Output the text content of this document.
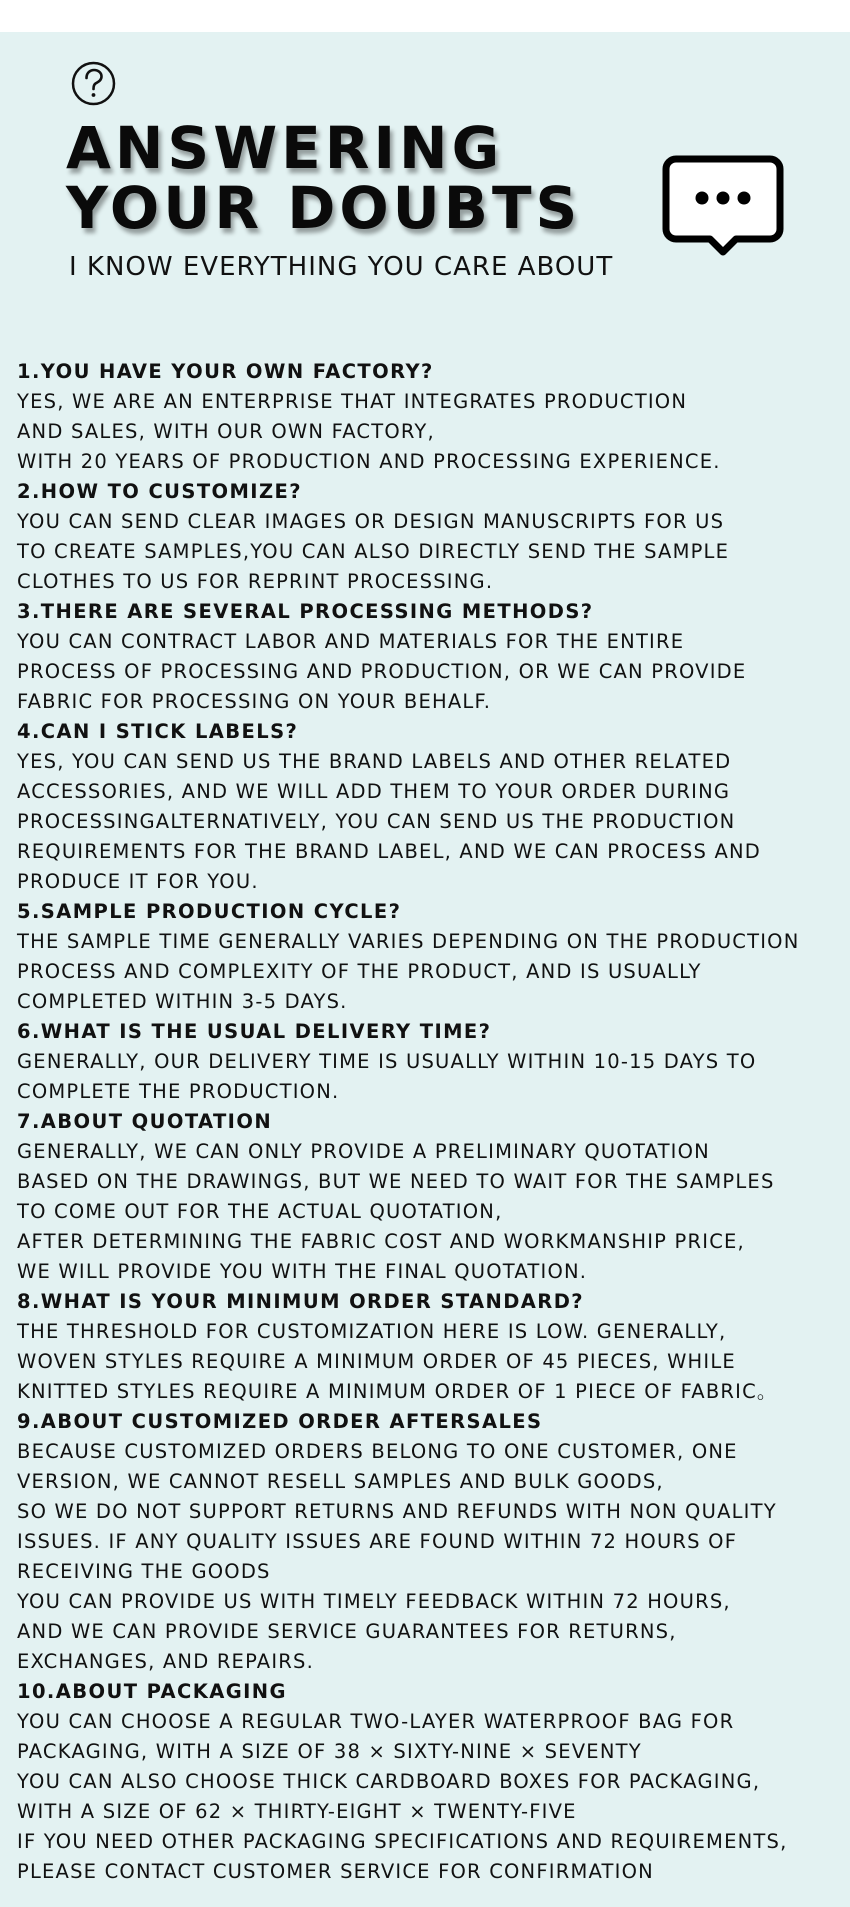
ANSWERING
YOUR DOUBTS
I KNOW EVERYTHING YOU CARE ABOUT
1.YOU HAVE YOUR OWN FACTORY?
YES, WE ARE AN ENTERPRISE THAT INTEGRATES PRODUCTION
AND SALES, WITH OUR OWN FACTORY,
WITH 20 YEARS OF PRODUCTION AND PROCESSING EXPERIENCE.
2.HOW TO CUSTOMIZE?
YOU CAN SEND CLEAR IMAGES OR DESIGN MANUSCRIPTS FOR US
TO CREATE SAMPLES,YOU CAN ALSO DIRECTLY SEND THE SAMPLE
CLOTHES TO US FOR REPRINT PROCESSING.
3.THERE ARE SEVERAL PROCESSING METHODS?
YOU CAN CONTRACT LABOR AND MATERIALS FOR THE ENTIRE
PROCESS OF PROCESSING AND PRODUCTION, OR WE CAN PROVIDE
FABRIC FOR PROCESSING ON YOUR BEHALF.
4.CAN I STICK LABELS?
YES, YOU CAN SEND US THE BRAND LABELS AND OTHER RELATED
ACCESSORIES, AND WE WILL ADD THEM TO YOUR ORDER DURING
PROCESSINGALTERNATIVELY, YOU CAN SEND US THE PRODUCTION
REQUIREMENTS FOR THE BRAND LABEL, AND WE CAN PROCESS AND
PRODUCE IT FOR YOU.
5.SAMPLE PRODUCTION CYCLE?
THE SAMPLE TIME GENERALLY VARIES DEPENDING ON THE PRODUCTION
PROCESS AND COMPLEXITY OF THE PRODUCT, AND IS USUALLY
COMPLETED WITHIN 3-5 DAYS.
6.WHAT IS THE USUAL DELIVERY TIME?
GENERALLY, OUR DELIVERY TIME IS USUALLY WITHIN 10-15 DAYS TO
COMPLETE THE PRODUCTION.
7.ABOUT QUOTATION
GENERALLY, WE CAN ONLY PROVIDE A PRELIMINARY QUOTATION
BASED ON THE DRAWINGS, BUT WE NEED TO WAIT FOR THE SAMPLES
TO COME OUT FOR THE ACTUAL QUOTATION,
AFTER DETERMINING THE FABRIC COST AND WORKMANSHIP PRICE,
WE WILL PROVIDE YOU WITH THE FINAL QUOTATION.
8.WHAT IS YOUR MINIMUM ORDER STANDARD?
THE THRESHOLD FOR CUSTOMIZATION HERE IS LOW. GENERALLY,
WOVEN STYLES REQUIRE A MINIMUM ORDER OF 45 PIECES, WHILE
KNITTED STYLES REQUIRE A MINIMUM ORDER OF 1 PIECE OF FABRIC。
9.ABOUT CUSTOMIZED ORDER AFTERSALES
BECAUSE CUSTOMIZED ORDERS BELONG TO ONE CUSTOMER, ONE
VERSION, WE CANNOT RESELL SAMPLES AND BULK GOODS,
SO WE DO NOT SUPPORT RETURNS AND REFUNDS WITH NON QUALITY
ISSUES. IF ANY QUALITY ISSUES ARE FOUND WITHIN 72 HOURS OF
RECEIVING THE GOODS
YOU CAN PROVIDE US WITH TIMELY FEEDBACK WITHIN 72 HOURS,
AND WE CAN PROVIDE SERVICE GUARANTEES FOR RETURNS,
EXCHANGES, AND REPAIRS.
10.ABOUT PACKAGING
YOU CAN CHOOSE A REGULAR TWO-LAYER WATERPROOF BAG FOR
PACKAGING, WITH A SIZE OF 38 × SIXTY-NINE × SEVENTY
YOU CAN ALSO CHOOSE THICK CARDBOARD BOXES FOR PACKAGING,
WITH A SIZE OF 62 × THIRTY-EIGHT × TWENTY-FIVE
IF YOU NEED OTHER PACKAGING SPECIFICATIONS AND REQUIREMENTS,
PLEASE CONTACT CUSTOMER SERVICE FOR CONFIRMATION
